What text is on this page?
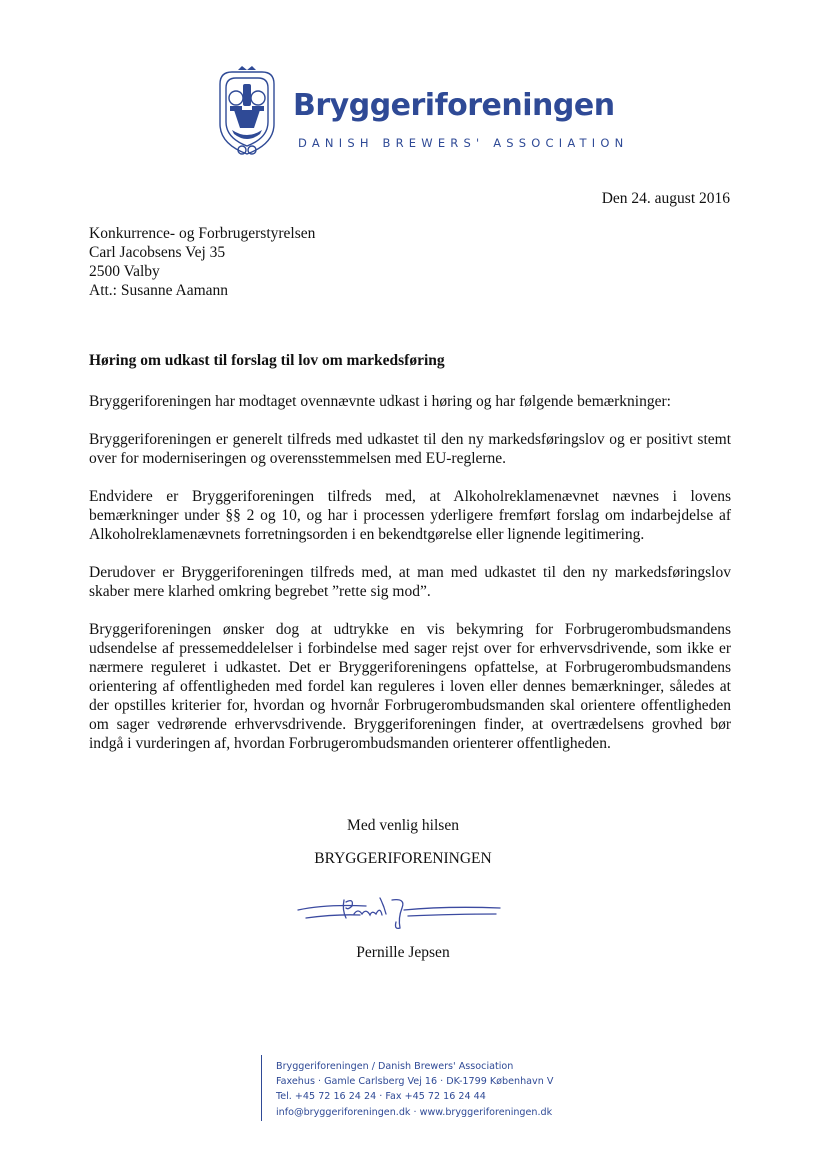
Bryggeriforeningen
DANISH BREWERS' ASSOCIATION
Den 24. august 2016
Konkurrence- og Forbrugerstyrelsen
Carl Jacobsens Vej 35
2500 Valby
Att.: Susanne Aamann
Høring om udkast til forslag til lov om markedsføring

Bryggeriforeningen har modtaget ovennævnte udkast i høring og har følgende bemærkninger:

Bryggeriforeningen er generelt tilfreds med udkastet til den ny markedsføringslov og er positivt stemt over for moderniseringen og overensstemmelsen med EU-reglerne.

Endvidere er Bryggeriforeningen tilfreds med, at Alkoholreklamenævnet nævnes i lovens bemærkninger under §§ 2 og 10, og har i processen yderligere fremført forslag om indarbejdelse af Alkoholreklamenævnets forretningsorden i en bekendtgørelse eller lignende legitimering.

Derudover er Bryggeriforeningen tilfreds med, at man med udkastet til den ny markedsføringslov skaber mere klarhed omkring begrebet ”rette sig mod”.

Bryggeriforeningen ønsker dog at udtrykke en vis bekymring for Forbrugerombudsmandens udsendelse af pressemeddelelser i forbindelse med sager rejst over for erhvervsdrivende, som ikke er nærmere reguleret i udkastet. Det er Bryggeriforeningens opfattelse, at Forbrugerombudsmandens orientering af offentligheden med fordel kan reguleres i loven eller dennes bemærkninger, således at der opstilles kriterier for, hvordan og hvornår Forbrugerombudsmanden skal orientere offentligheden om sager vedrørende erhvervsdrivende. Bryggeriforeningen finder, at overtrædelsens grovhed bør indgå i vurderingen af, hvordan Forbrugerombudsmanden orienterer offentligheden.

Med venlig hilsen
BRYGGERIFORENINGEN
Pernille Jepsen
Bryggeriforeningen / Danish Brewers' Association
Faxehus · Gamle Carlsberg Vej 16 · DK-1799 København V
Tel. +45 72 16 24 24 · Fax +45 72 16 24 44
info@bryggeriforeningen.dk · www.bryggeriforeningen.dk
